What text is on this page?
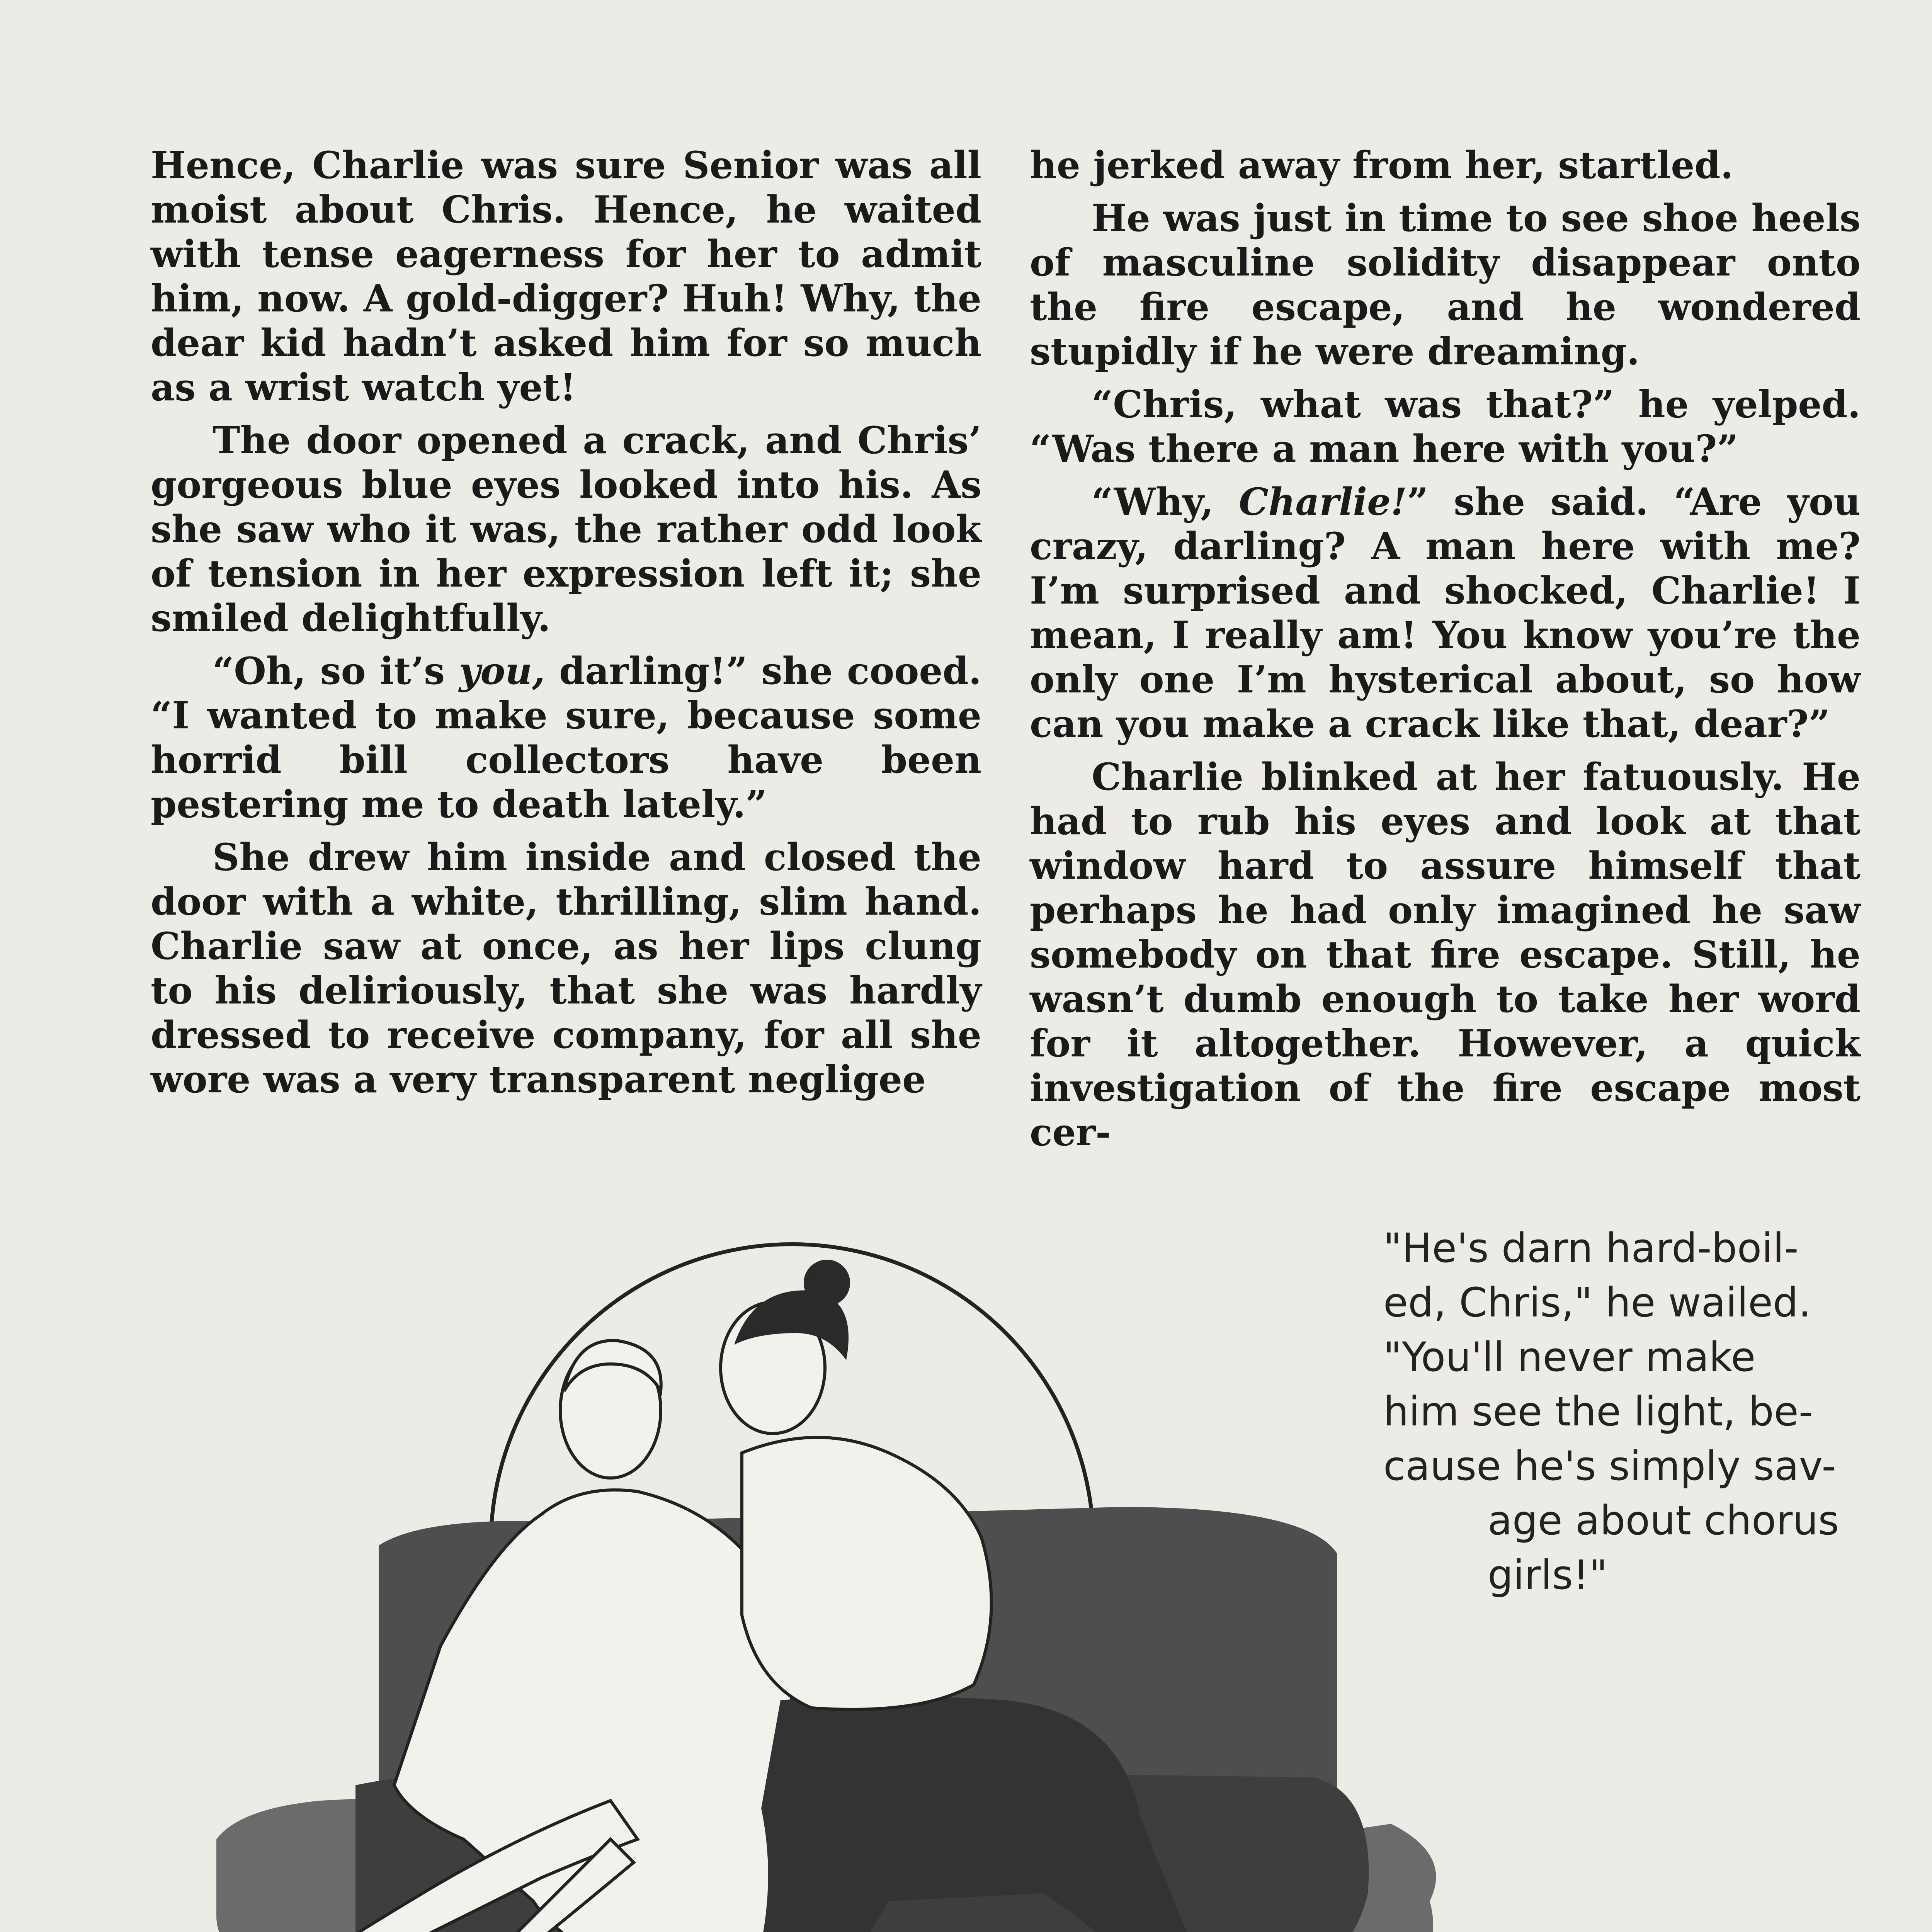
Hence, Charlie was sure Senior was all moist about Chris. Hence, he waited with tense eagerness for her to admit him, now. A gold-digger? Huh! Why, the dear kid hadn’t asked him for so much as a wrist watch yet!

The door opened a crack, and Chris’ gorgeous blue eyes looked into his. As she saw who it was, the rather odd look of tension in her expression left it; she smiled delightfully.

“Oh, so it’s you, darling!” she cooed. “I wanted to make sure, because some horrid bill collectors have been pestering me to death lately.”

She drew him inside and closed the door with a white, thrilling, slim hand. Charlie saw at once, as her lips clung to his deliriously, that she was hardly dressed to receive company, for all she wore was a very transparent negligee

he jerked away from her, startled.

He was just in time to see shoe heels of masculine solidity disappear onto the fire escape, and he wondered stupidly if he were dreaming.

“Chris, what was that?” he yelped. “Was there a man here with you?”

“Why, Charlie!” she said. “Are you crazy, darling? A man here with me? I’m surprised and shocked, Charlie! I mean, I really am! You know you’re the only one I’m hysterical about, so how can you make a crack like that, dear?”

Charlie blinked at her fatuously. He had to rub his eyes and look at that window hard to assure himself that perhaps he had only imagined he saw somebody on that fire escape. Still, he wasn’t dumb enough to take her word for it altogether. However, a quick investigation of the fire escape most cer-

"He's darn hard-boil-
ed, Chris," he wailed.
"You'll never make
him see the light, be-
cause he's simply sav-
age about chorus
girls!"
